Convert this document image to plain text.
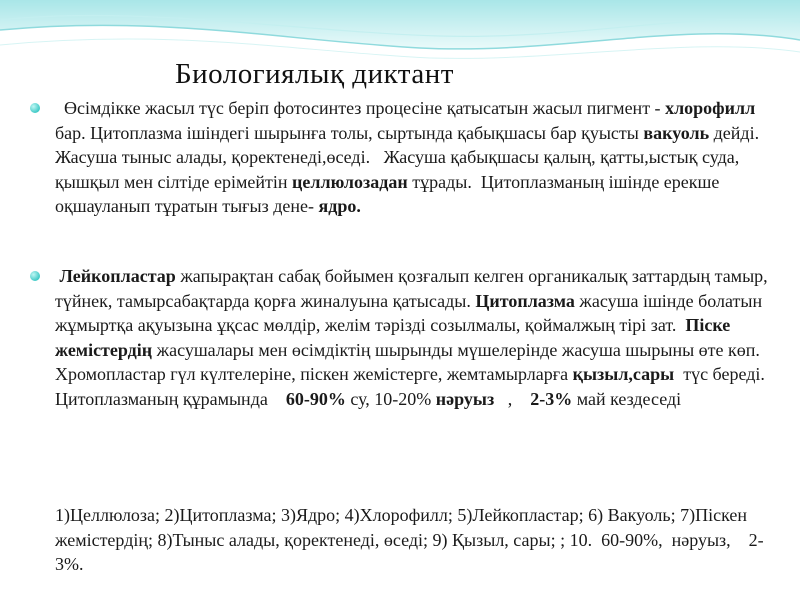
Биологиялық диктант
Өсімдікке жасыл түс беріп фотосинтез процесіне қатысатын жасыл пигмент - хлорофилл бар. Цитоплазма ішіндегі шырынға толы, сыртында қабықшасы бар қуысты вакуоль дейді.   Жасуша тыныс алады, қоректенеді,өседі.   Жасуша қабықшасы қалың, қатты,ыстық суда, қышқыл мен сілтіде ерімейтін целлюлозадан тұрады.  Цитоплазманың ішінде ерекше оқшауланып тұратын тығыз дене- ядро.
Лейкопластар жапырақтан сабақ бойымен қозғалып келген органикалық заттардың тамыр, түйнек, тамырсабақтарда қорға жиналуына қатысады. Цитоплазма жасуша ішінде болатын жұмыртқа ақуызына ұқсас мөлдір, желім тәрізді созылмалы, қоймалжың тірі зат.  Піске жемістердің жасушалары мен өсімдіктің шырынды мүшелерінде жасуша шырыны өте көп.  Хромопластар гүл күлтелеріне, піскен жемістерге, жемтамырларға қызыл,сары  түс береді.  Цитоплазманың құрамында    60-90% су, 10-20% нәруыз   ,    2-3% май кездеседі
1)Целлюлоза; 2)Цитоплазма; 3)Ядро; 4)Хлорофилл; 5)Лейкопластар; 6) Вакуоль; 7)Піскен жемістердің; 8)Тыныс алады, қоректенеді, өседі; 9) Қызыл, сары; ; 10.  60-90%,  нәруыз,    2-3%.
